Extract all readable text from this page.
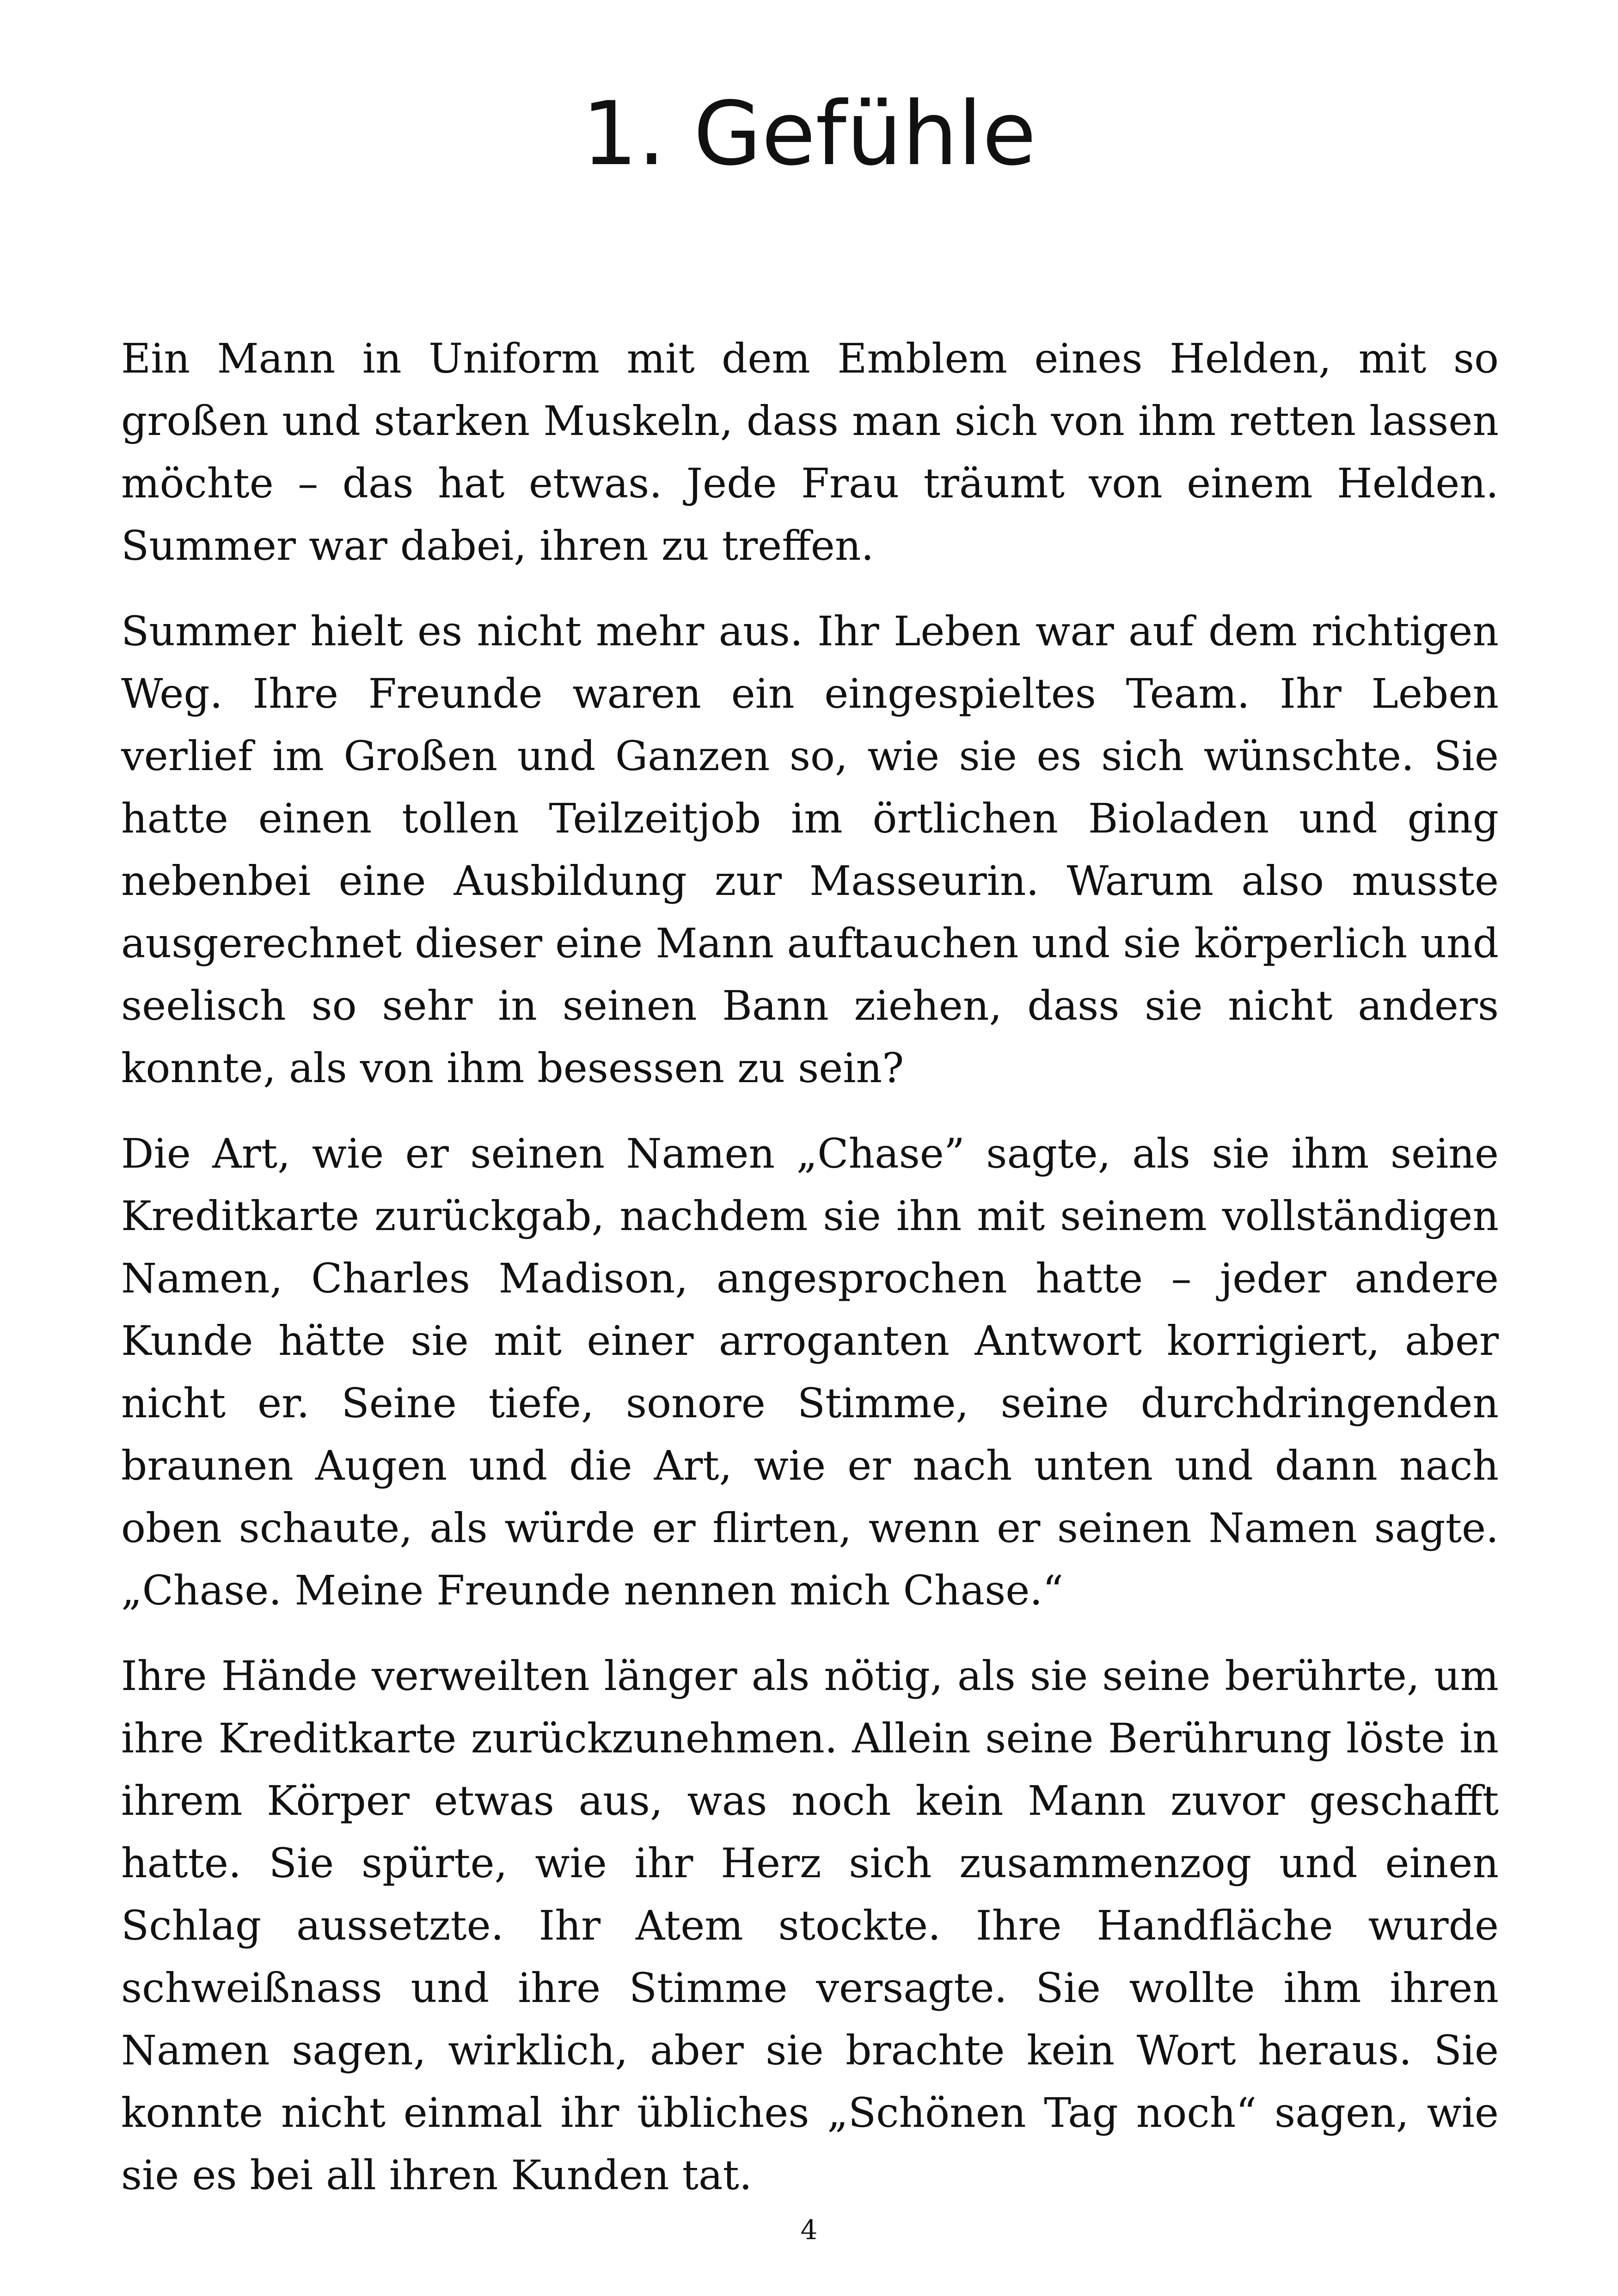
1. Gefühle

Ein Mann in Uniform mit dem Emblem eines Helden, mit so großen und starken Muskeln, dass man sich von ihm retten lassen möchte – das hat etwas. Jede Frau träumt von einem Helden. Summer war dabei, ihren zu treffen.

Summer hielt es nicht mehr aus. Ihr Leben war auf dem richtigen Weg. Ihre Freunde waren ein eingespieltes Team. Ihr Leben verlief im Großen und Ganzen so, wie sie es sich wünschte. Sie hatte einen tollen Teilzeitjob im örtlichen Bioladen und ging nebenbei eine Ausbildung zur Masseurin. Warum also musste ausgerechnet dieser eine Mann auftauchen und sie körperlich und seelisch so sehr in seinen Bann ziehen, dass sie nicht anders konnte, als von ihm besessen zu sein?

Die Art, wie er seinen Namen „Chase” sagte, als sie ihm seine Kreditkarte zurückgab, nachdem sie ihn mit seinem vollständigen Namen, Charles Madison, angesprochen hatte – jeder andere Kunde hätte sie mit einer arroganten Antwort korrigiert, aber nicht er. Seine tiefe, sonore Stimme, seine durchdringenden braunen Augen und die Art, wie er nach unten und dann nach oben schaute, als würde er flirten, wenn er seinen Namen sagte. „Chase. Meine Freunde nennen mich Chase.“

Ihre Hände verweilten länger als nötig, als sie seine berührte, um ihre Kreditkarte zurückzunehmen. Allein seine Berührung löste in ihrem Körper etwas aus, was noch kein Mann zuvor geschafft hatte. Sie spürte, wie ihr Herz sich zusammenzog und einen Schlag aussetzte. Ihr Atem stockte. Ihre Handfläche wurde schweißnass und ihre Stimme versagte. Sie wollte ihm ihren Namen sagen, wirklich, aber sie brachte kein Wort heraus. Sie konnte nicht einmal ihr übliches „Schönen Tag noch“ sagen, wie sie es bei all ihren Kunden tat.

4
